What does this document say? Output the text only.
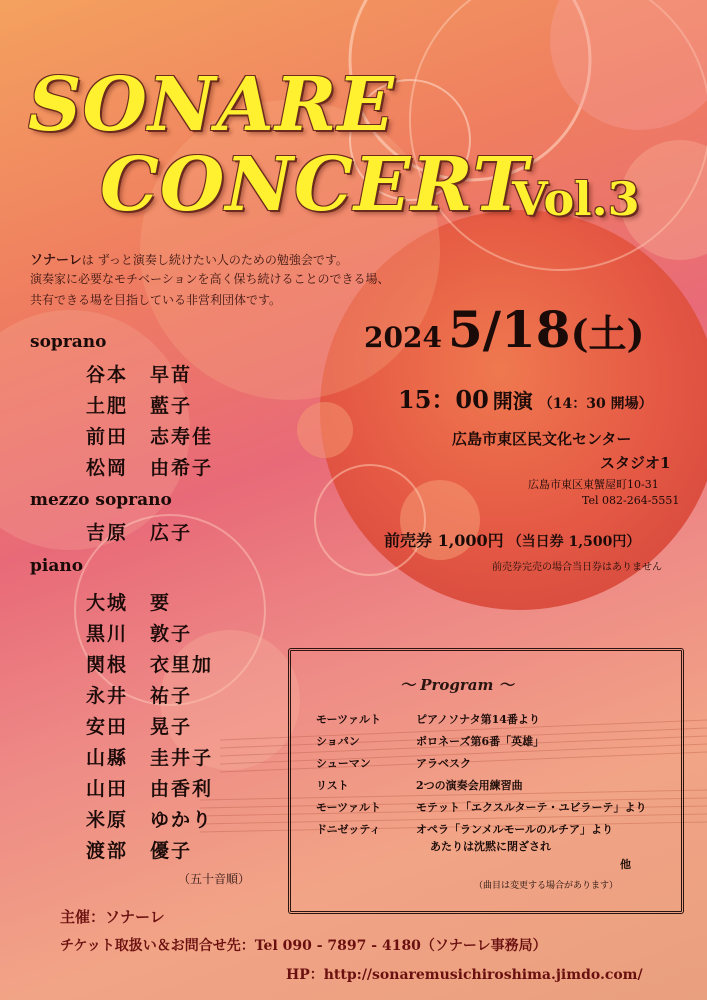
SONARE
CONCERT
Vol.3
ソナーレは ずっと演奏し続けたい人のための勉強会です。
演奏家に必要なモチベーションを高く保ち続けることのできる場、
共有できる場を目指している非営利団体です。
soprano
谷本 早苗
土肥 藍子
前田 志寿佳
松岡 由希子
mezzo soprano
吉原 広子
piano
大城 要
黒川 敦子
関根 衣里加
永井 祐子
安田 晃子
山縣 圭井子
山田 由香利
米原 ゆかり
渡部 優子
（五十音順）
2024 5/18(土)
15：00 開演 （14：30 開場）
広島市東区民文化センター
スタジオ1
広島市東区東蟹屋町10-31
Tel 082-264-5551
前売券 1,000円 （当日券 1,500円）
前売券完売の場合当日券はありません
～ Program ～
モーツァルト	ピアノソナタ第14番より
ショパン	ポロネーズ第6番「英雄」
シューマン	アラベスク
リスト	2つの演奏会用練習曲
モーツァルト	モテット「エクスルターテ・ユビラーテ」より
ドニゼッティ	オペラ「ランメルモールのルチア」より
あたりは沈黙に閉ざされ
他
（曲目は変更する場合があります）
主催：ソナーレ
チケット取扱い＆お問合せ先：Tel 090 - 7897 - 4180（ソナーレ事務局）
HP：http://sonaremusichiroshima.jimdo.com/
